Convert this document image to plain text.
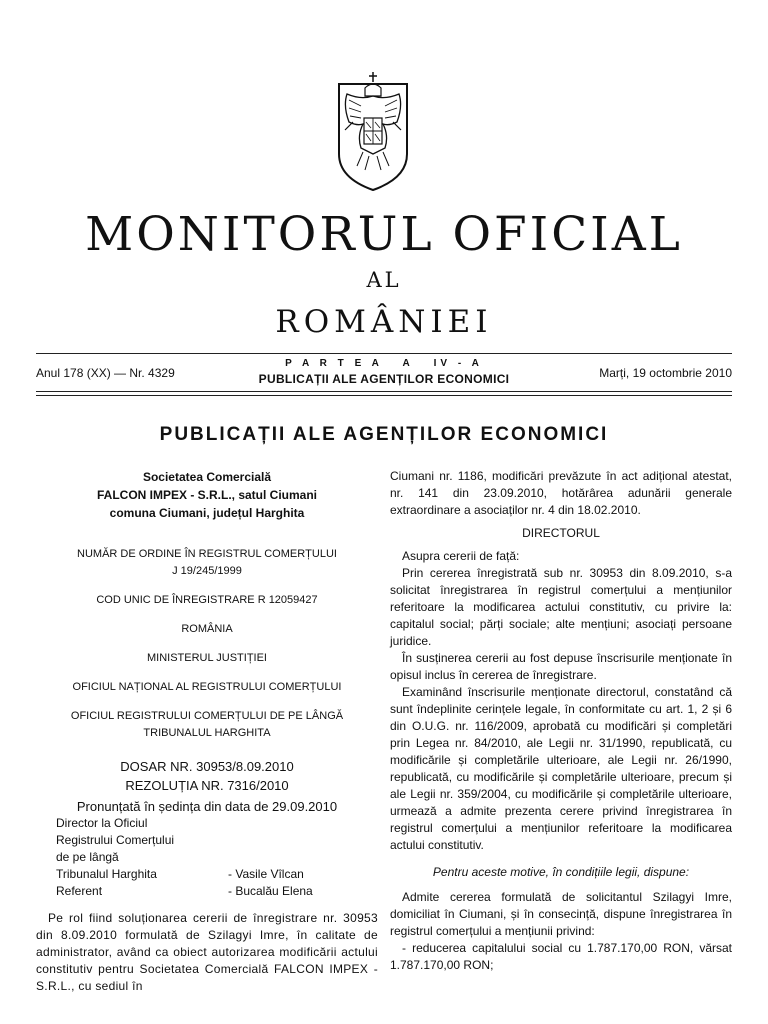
MONITORUL OFICIAL
AL
ROMÂNIEI
Anul 178 (XX) — Nr. 4329
P A R T E A   A   IV - A
PUBLICAȚII ALE AGENȚILOR ECONOMICI	Marți, 19 octombrie 2010
PUBLICAȚII ALE AGENȚILOR ECONOMICI
Societatea Comercială
FALCON IMPEX - S.R.L., satul Ciumani
comuna Ciumani, județul Harghita
NUMĂR DE ORDINE ÎN REGISTRUL COMERȚULUI
J 19/245/1999
COD UNIC DE ÎNREGISTRARE R 12059427
ROMÂNIA
MINISTERUL JUSTIȚIEI
OFICIUL NAȚIONAL AL REGISTRULUI COMERȚULUI
OFICIUL REGISTRULUI COMERȚULUI DE PE LÂNGĂ
TRIBUNALUL HARGHITA
DOSAR NR. 30953/8.09.2010
REZOLUȚIA NR. 7316/2010
Pronunțată în ședința din data de 29.09.2010
Director la Oficiul
Registrului Comerțului
de pe lângă
Tribunalul Harghita	- Vasile Vîlcan
Referent	- Bucalău Elena
Pe rol fiind soluționarea cererii de înregistrare nr. 30953 din 8.09.2010 formulată de Szilagyi Imre, în calitate de administrator, având ca obiect autorizarea modificării actului constitutiv pentru Societatea Comercială FALCON IMPEX - S.R.L., cu sediul în
Ciumani nr. 1186, modificări prevăzute în act adițional atestat, nr. 141 din 23.09.2010, hotărârea adunării generale extraordinare a asociaților nr. 4 din 18.02.2010.
DIRECTORUL
Asupra cererii de față:
Prin cererea înregistrată sub nr. 30953 din 8.09.2010, s-a solicitat înregistrarea în registrul comerțului a mențiunilor referitoare la modificarea actului constitutiv, cu privire la: capitalul social; părți sociale; alte mențiuni; asociați persoane juridice.
În susținerea cererii au fost depuse înscrisurile menționate în opisul inclus în cererea de înregistrare.
Examinând înscrisurile menționate directorul, constatând că sunt îndeplinite cerințele legale, în conformitate cu art. 1, 2 și 6 din O.U.G. nr. 116/2009, aprobată cu modificări și completări prin Legea nr. 84/2010, ale Legii nr. 31/1990, republicată, cu modificările și completările ulterioare, ale Legii nr. 26/1990, republicată, cu modificările și completările ulterioare, precum și ale Legii nr. 359/2004, cu modificările și completările ulterioare, urmează a admite prezenta cerere privind înregistrarea în registrul comerțului a mențiunilor referitoare la modificarea actului constitutiv.
Pentru aceste motive, în condițiile legii, dispune:
Admite cererea formulată de solicitantul Szilagyi Imre, domiciliat în Ciumani, și în consecință, dispune înregistrarea în registrul comerțului a mențiunii privind:
- reducerea capitalului social cu 1.787.170,00 RON, vărsat 1.787.170,00 RON;
